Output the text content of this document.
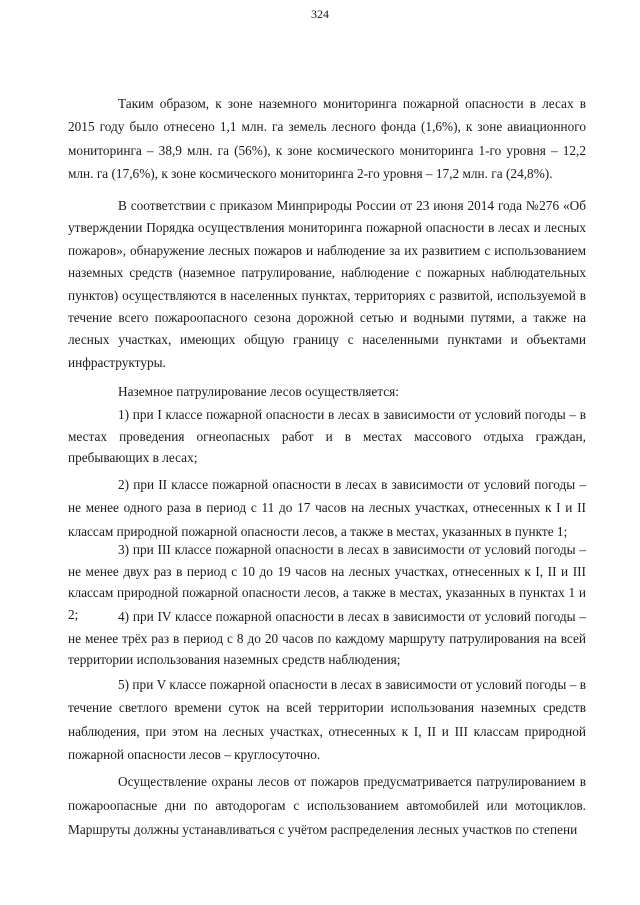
324

Таким образом, к зоне наземного мониторинга пожарной опасности в лесах в 2015 году было отнесено 1,1 млн. га земель лесного фонда (1,6%), к зоне авиационного мониторинга – 38,9 млн. га (56%), к зоне космического мониторинга 1-го уровня – 12,2 млн. га (17,6%), к зоне космического мониторинга 2-го уровня – 17,2 млн. га (24,8%).

В соответствии с приказом Минприроды России от 23 июня 2014 года №276 «Об утверждении Порядка осуществления мониторинга пожарной опасности в лесах и лесных пожаров», обнаружение лесных пожаров и наблюдение за их развитием с использованием наземных средств (наземное патрулирование, наблюдение с пожарных наблюдательных пунктов) осуществляются в населенных пунктах, территориях с развитой, используемой в течение всего пожароопасного сезона дорожной сетью и водными путями, а также на лесных участках, имеющих общую границу с населенными пунктами и объектами инфраструктуры.

Наземное патрулирование лесов осуществляется:

1) при I классе пожарной опасности в лесах в зависимости от условий погоды – в местах проведения огнеопасных работ и в местах массового отдыха граждан, пребывающих в лесах;

2) при II классе пожарной опасности в лесах в зависимости от условий погоды – не менее одного раза в период с 11 до 17 часов на лесных участках, отнесенных к I и II классам природной пожарной опасности лесов, а также в местах, указанных в пункте 1;

3) при III классе пожарной опасности в лесах в зависимости от условий погоды – не менее двух раз в период с 10 до 19 часов на лесных участках, отнесенных к I, II и III классам природной пожарной опасности лесов, а также в местах, указанных в пунктах 1 и 2;	4) при IV классе пожарной опасности в лесах в зависимости от условий погоды – не менее трёх раз в период с 8 до 20 часов по каждому маршруту патрулирования на всей территории использования наземных средств наблюдения;

5) при V классе пожарной опасности в лесах в зависимости от условий погоды – в течение светлого времени суток на всей территории использования наземных средств наблюдения, при этом на лесных участках, отнесенных к I, II и III классам природной пожарной опасности лесов – круглосуточно.

Осуществление охраны лесов от пожаров предусматривается патрулированием в пожароопасные дни по автодорогам с использованием автомобилей или мотоциклов. Маршруты должны устанавливаться с учётом распределения лесных участков по степени
